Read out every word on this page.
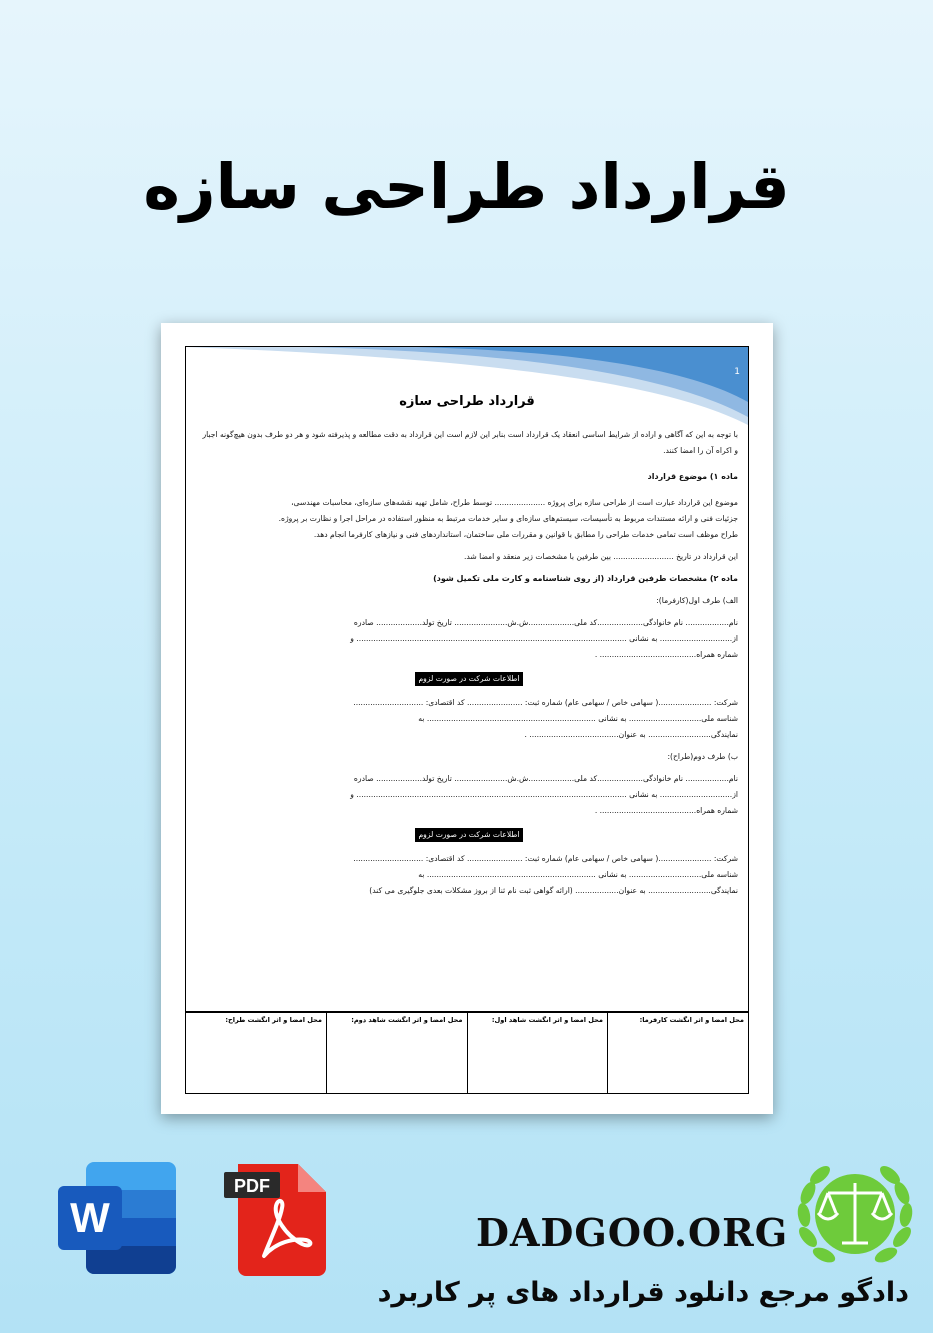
قرارداد طراحی سازه
1
قرارداد طراحی سازه

با توجه به این که آگاهی و اراده از شرایط اساسی انعقاد یک قرارداد است بنابر این لازم است این قرارداد به دقت مطالعه و پذیرفته شود و هر دو طرف بدون هیچ‌گونه اجبار و اکراه آن را امضا کنند.

ماده ۱) موضوع قرارداد

موضوع این قرارداد عبارت است از طراحی سازه برای پروژه ..................... توسط طراح، شامل تهیه نقشه‌های سازه‌ای، محاسبات مهندسی،

جزئیات فنی و ارائه مستندات مربوط به تأسیسات، سیستم‌های سازه‌ای و سایر خدمات مرتبط به منظور استفاده در مراحل اجرا و نظارت بر پروژه.

طراح موظف است تمامی خدمات طراحی را مطابق با قوانین و مقررات ملی ساختمان، استانداردهای فنی و نیازهای کارفرما انجام دهد.

این قرارداد در تاریخ ......................... بین طرفین با مشخصات زیر منعقد و امضا شد.

ماده ۲) مشخصات طرفین قرارداد (از روی شناسنامه و کارت ملی تکمیل شود)

الف) طرف اول(کارفرما):

نام.................. نام خانوادگی...................کد ملی...................ش.ش...................... تاریخ تولد................... صادره

از.............................. به نشانی ................................................................................................................ و

شماره همراه........................................ .

اطلاعات شرکت در صورت لزوم

شرکت: ......................( سهامی خاص / سهامی عام) شماره ثبت: ....................... کد اقتصادی: .............................

شناسه ملی.............................. به نشانی ...................................................................... به

نمایندگی.......................... به عنوان..................................... .

ب) طرف دوم(طراح):

نام.................. نام خانوادگی...................کد ملی...................ش.ش...................... تاریخ تولد................... صادره

از.............................. به نشانی ................................................................................................................ و

شماره همراه........................................ .

اطلاعات شرکت در صورت لزوم

شرکت: ......................( سهامی خاص / سهامی عام) شماره ثبت: ....................... کد اقتصادی: .............................

شناسه ملی.............................. به نشانی ...................................................................... به

نمایندگی.......................... به عنوان.................. (ارائه گواهی ثبت نام ثنا از بروز مشکلات بعدی جلوگیری می کند)

محل امضا و اثر انگشت کارفرما:	محل امضا و اثر انگشت شاهد اول:	محل امضا و اثر انگشت شاهد دوم:	محل امضا و اثر انگشت طراح:
W
PDF
DADGOO.ORG
دادگو مرجع دانلود قرارداد های پر کاربرد
